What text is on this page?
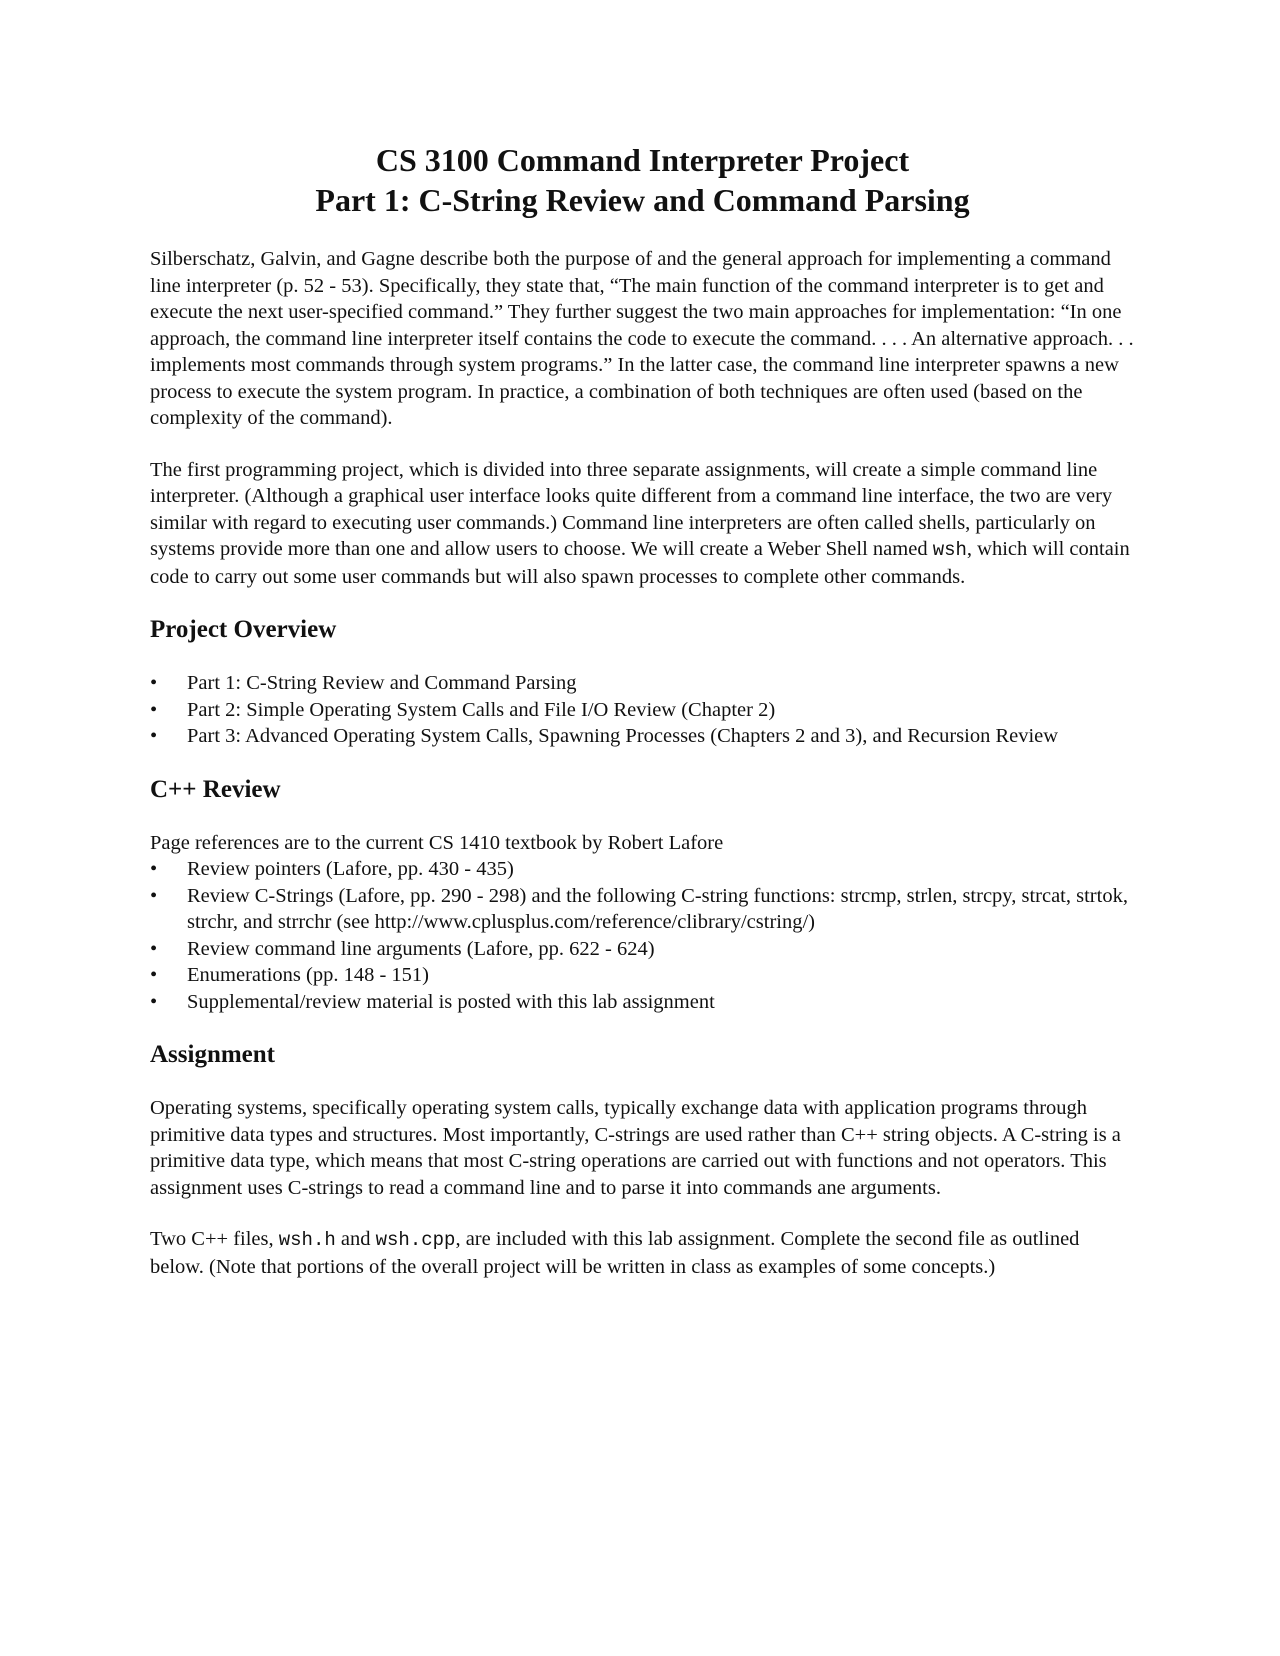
CS 3100 Command Interpreter Project

Part 1: C-String Review and Command Parsing

Silberschatz, Galvin, and Gagne describe both the purpose of and the general approach for implementing a command line interpreter (p. 52 - 53). Specifically, they state that, “The main function of the command interpreter is to get and execute the next user-specified command.” They further suggest the two main approaches for implementation: “In one approach, the command line interpreter itself contains the code to execute the command. . . . An alternative approach. . . implements most commands through system programs.” In the latter case, the command line interpreter spawns a new process to execute the system program. In practice, a combination of both techniques are often used (based on the complexity of the command).

The first programming project, which is divided into three separate assignments, will create a simple command line interpreter. (Although a graphical user interface looks quite different from a command line interface, the two are very similar with regard to executing user commands.) Command line interpreters are often called shells, particularly on systems provide more than one and allow users to choose. We will create a Weber Shell named wsh, which will contain code to carry out some user commands but will also spawn processes to complete other commands.

Project Overview
• Part 1: C-String Review and Command Parsing
• Part 2: Simple Operating System Calls and File I/O Review (Chapter 2)
• Part 3: Advanced Operating System Calls, Spawning Processes (Chapters 2 and 3), and Recursion Review
C++ Review

Page references are to the current CS 1410 textbook by Robert Lafore

• Review pointers (Lafore, pp. 430 - 435)
• Review C-Strings (Lafore, pp. 290 - 298) and the following C-string functions: strcmp, strlen, strcpy, strcat, strtok, strchr, and strrchr (see http://www.cplusplus.com/reference/clibrary/cstring/)
• Review command line arguments (Lafore, pp. 622 - 624)
• Enumerations (pp. 148 - 151)
• Supplemental/review material is posted with this lab assignment
Assignment

Operating systems, specifically operating system calls, typically exchange data with application programs through primitive data types and structures. Most importantly, C-strings are used rather than C++ string objects. A C-string is a primitive data type, which means that most C-string operations are carried out with functions and not operators. This assignment uses C-strings to read a command line and to parse it into commands ane arguments.

Two C++ files, wsh.h and wsh.cpp, are included with this lab assignment. Complete the second file as outlined below. (Note that portions of the overall project will be written in class as examples of some concepts.)
